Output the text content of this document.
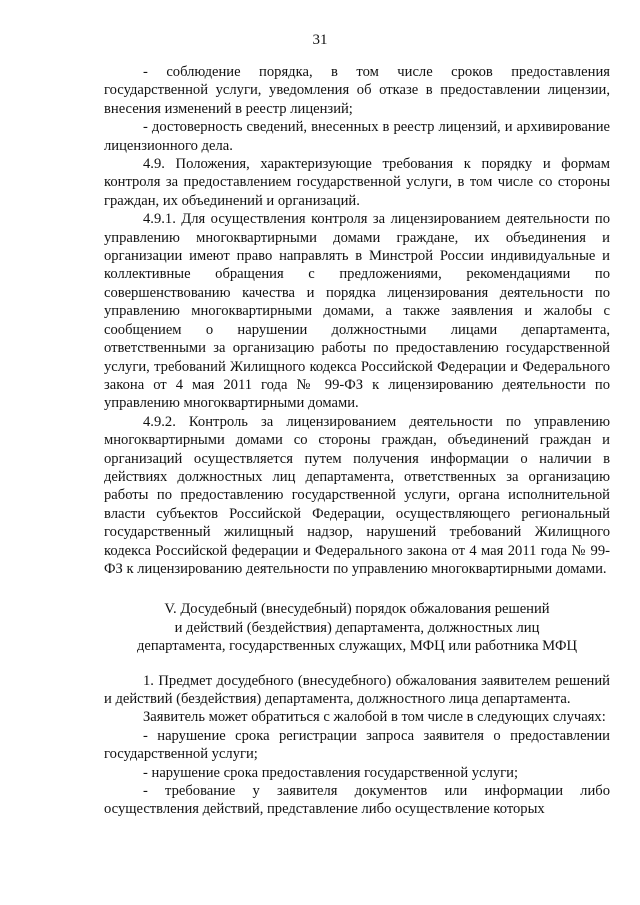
31

- соблюдение порядка, в том числе сроков предоставления государственной услуги, уведомления об отказе в предоставлении лицензии, внесения изменений в реестр лицензий;

- достоверность сведений, внесенных в реестр лицензий, и архивирование лицензионного дела.

4.9. Положения, характеризующие требования к порядку и формам контроля за предоставлением государственной услуги, в том числе со стороны граждан, их объединений и организаций.

4.9.1. Для осуществления контроля за лицензированием деятельности по управлению многоквартирными домами граждане, их объединения и организации имеют право направлять в Минстрой России индивидуальные и коллективные обращения с предложениями, рекомендациями по совершенствованию качества и порядка лицензирования деятельности по управлению многоквартирными домами, а также заявления и жалобы с сообщением о нарушении должностными лицами департамента, ответственными за организацию работы по предоставлению государственной услуги, требований Жилищного кодекса Российской Федерации и Федерального закона от 4 мая 2011 года № 99-ФЗ к лицензированию деятельности по управлению многоквартирными домами.

4.9.2. Контроль за лицензированием деятельности по управлению многоквартирными домами со стороны граждан, объединений граждан и организаций осуществляется путем получения информации о наличии в действиях должностных лиц департамента, ответственных за организацию работы по предоставлению государственной услуги, органа исполнительной власти субъектов Российской Федерации, осуществляющего региональный государственный жилищный надзор, нарушений требований Жилищного кодекса Российской федерации и Федерального закона от 4 мая 2011 года № 99-ФЗ к лицензированию деятельности по управлению многоквартирными домами.

V. Досудебный (внесудебный) порядок обжалования решений
и действий (бездействия) департамента, должностных лиц
департамента, государственных служащих, МФЦ или работника МФЦ

1. Предмет досудебного (внесудебного) обжалования заявителем решений и действий (бездействия) департамента, должностного лица департамента.

Заявитель может обратиться с жалобой в том числе в следующих случаях:

- нарушение срока регистрации запроса заявителя о предоставлении государственной услуги;

- нарушение срока предоставления государственной услуги;

- требование у заявителя документов или информации либо осуществления действий, представление либо осуществление которых
